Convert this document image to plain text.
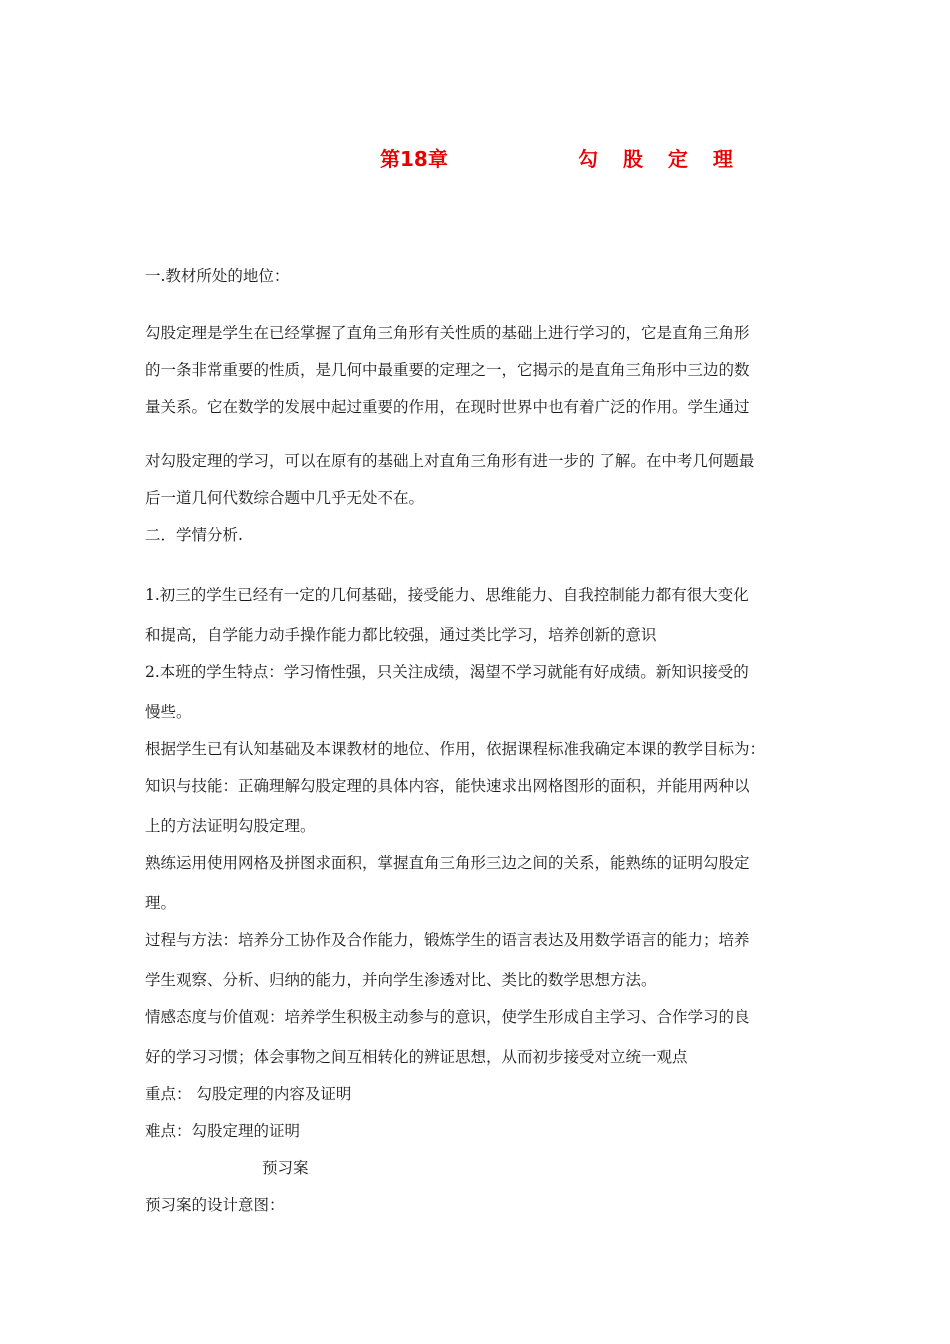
第18章	勾 股 定 理
一.教材所处的地位：
勾股定理是学生在已经掌握了直角三角形有关性质的基础上进行学习的，它是直角三角形
的一条非常重要的性质，是几何中最重要的定理之一，它揭示的是直角三角形中三边的数
量关系。它在数学的发展中起过重要的作用，在现时世界中也有着广泛的作用。学生通过
对勾股定理的学习，可以在原有的基础上对直角三角形有进一步的 了解。在中考几何题最
后一道几何代数综合题中几乎无处不在。
二．学情分析.
1.初三的学生已经有一定的几何基础，接受能力、思维能力、自我控制能力都有很大变化
和提高，自学能力动手操作能力都比较强，通过类比学习，培养创新的意识
2.本班的学生特点：学习惰性强，只关注成绩，渴望不学习就能有好成绩。新知识接受的
慢些。
根据学生已有认知基础及本课教材的地位、作用，依据课程标准我确定本课的教学目标为：
知识与技能：正确理解勾股定理的具体内容，能快速求出网格图形的面积，并能用两种以
上的方法证明勾股定理。
熟练运用使用网格及拼图求面积，掌握直角三角形三边之间的关系，能熟练的证明勾股定
理。
过程与方法：培养分工协作及合作能力，锻炼学生的语言表达及用数学语言的能力；培养
学生观察、分析、归纳的能力，并向学生渗透对比、类比的数学思想方法。
情感态度与价值观：培养学生积极主动参与的意识，使学生形成自主学习、合作学习的良
好的学习习惯；体会事物之间互相转化的辨证思想，从而初步接受对立统一观点
重点： 勾股定理的内容及证明
难点：勾股定理的证明
预习案
预习案的设计意图：
